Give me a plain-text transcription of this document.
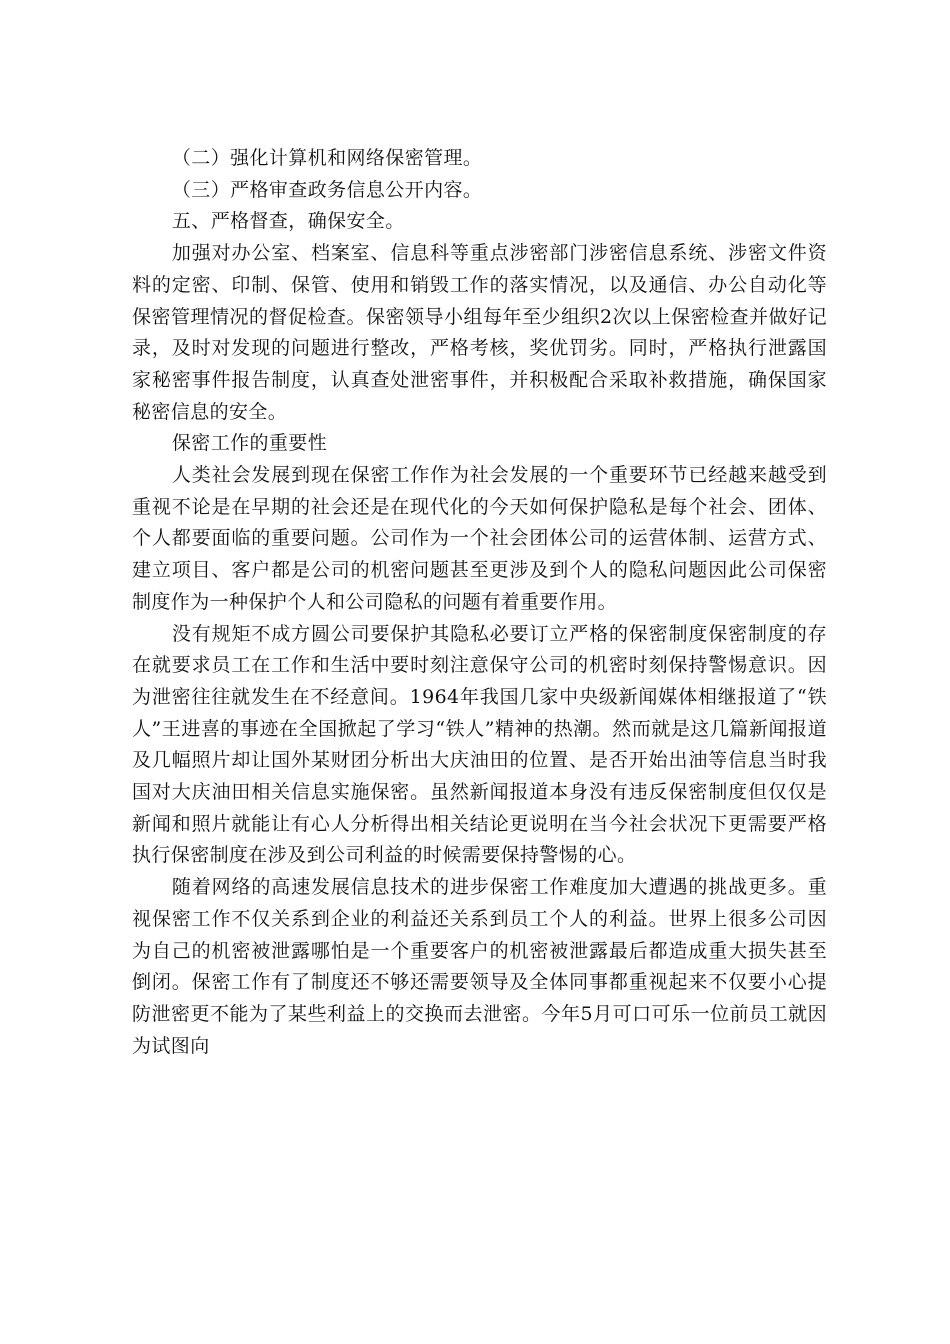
（二）强化计算机和网络保密管理。

（三）严格审查政务信息公开内容。

五、严格督查，确保安全。

加强对办公室、档案室、信息科等重点涉密部门涉密信息系统、涉密文件资料的定密、印制、保管、使用和销毁工作的落实情况，以及通信、办公自动化等保密管理情况的督促检查。保密领导小组每年至少组织2次以上保密检查并做好记录，及时对发现的问题进行整改，严格考核，奖优罚劣。同时，严格执行泄露国家秘密事件报告制度，认真查处泄密事件，并积极配合采取补救措施，确保国家秘密信息的安全。

保密工作的重要性

人类社会发展到现在保密工作作为社会发展的一个重要环节已经越来越受到重视不论是在早期的社会还是在现代化的今天如何保护隐私是每个社会、团体、个人都要面临的重要问题。公司作为一个社会团体公司的运营体制、运营方式、建立项目、客户都是公司的机密问题甚至更涉及到个人的隐私问题因此公司保密制度作为一种保护个人和公司隐私的问题有着重要作用。

没有规矩不成方圆公司要保护其隐私必要订立严格的保密制度保密制度的存在就要求员工在工作和生活中要时刻注意保守公司的机密时刻保持警惕意识。因为泄密往往就发生在不经意间。1964年我国几家中央级新闻媒体相继报道了“铁人”王进喜的事迹在全国掀起了学习“铁人”精神的热潮。然而就是这几篇新闻报道及几幅照片却让国外某财团分析出大庆油田的位置、是否开始出油等信息当时我国对大庆油田相关信息实施保密。虽然新闻报道本身没有违反保密制度但仅仅是新闻和照片就能让有心人分析得出相关结论更说明在当今社会状况下更需要严格执行保密制度在涉及到公司利益的时候需要保持警惕的心。

随着网络的高速发展信息技术的进步保密工作难度加大遭遇的挑战更多。重视保密工作不仅关系到企业的利益还关系到员工个人的利益。世界上很多公司因为自己的机密被泄露哪怕是一个重要客户的机密被泄露最后都造成重大损失甚至倒闭。保密工作有了制度还不够还需要领导及全体同事都重视起来不仅要小心提防泄密更不能为了某些利益上的交换而去泄密。今年5月可口可乐一位前员工就因为试图向
